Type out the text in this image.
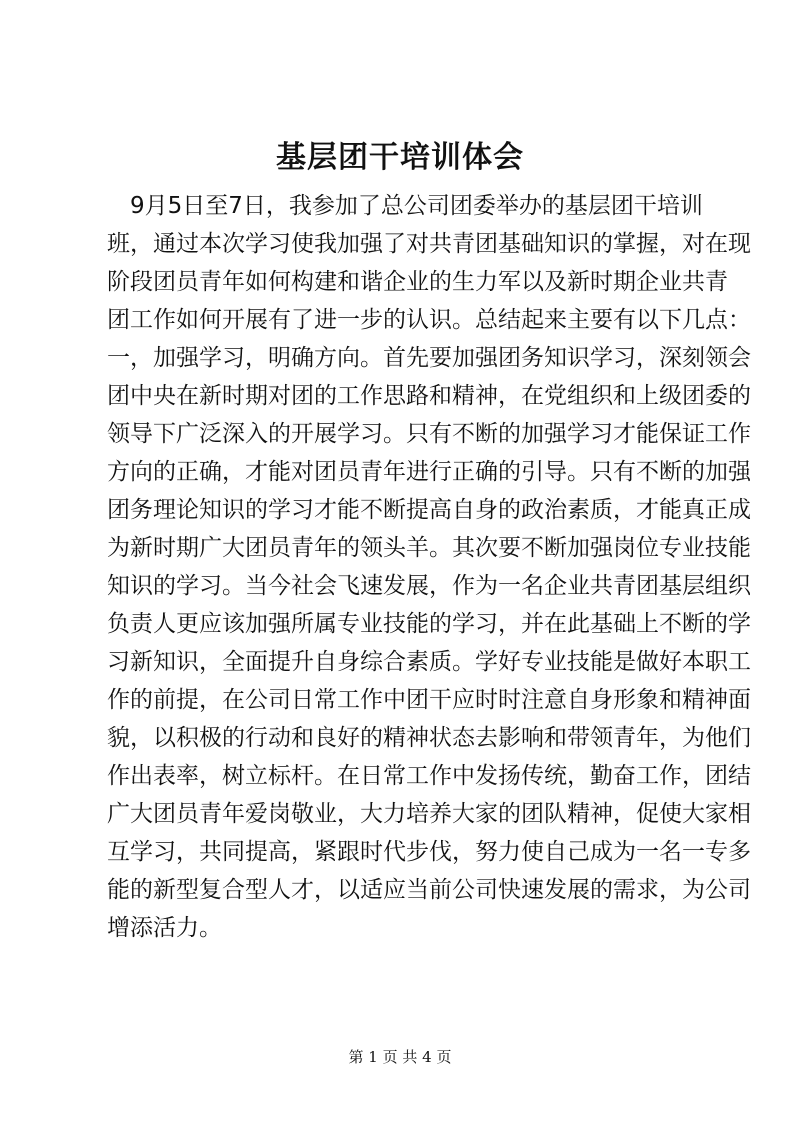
基层团干培训体会
　9月5日至7日，我参加了总公司团委举办的基层团干培训
班，通过本次学习使我加强了对共青团基础知识的掌握，对在现
阶段团员青年如何构建和谐企业的生力军以及新时期企业共青
团工作如何开展有了进一步的认识。总结起来主要有以下几点：
一，加强学习，明确方向。首先要加强团务知识学习，深刻领会
团中央在新时期对团的工作思路和精神，在党组织和上级团委的
领导下广泛深入的开展学习。只有不断的加强学习才能保证工作
方向的正确，才能对团员青年进行正确的引导。只有不断的加强
团务理论知识的学习才能不断提高自身的政治素质，才能真正成
为新时期广大团员青年的领头羊。其次要不断加强岗位专业技能
知识的学习。当今社会飞速发展，作为一名企业共青团基层组织
负责人更应该加强所属专业技能的学习，并在此基础上不断的学
习新知识，全面提升自身综合素质。学好专业技能是做好本职工
作的前提，在公司日常工作中团干应时时注意自身形象和精神面
貌，以积极的行动和良好的精神状态去影响和带领青年，为他们
作出表率，树立标杆。在日常工作中发扬传统，勤奋工作，团结
广大团员青年爱岗敬业，大力培养大家的团队精神，促使大家相
互学习，共同提高，紧跟时代步伐，努力使自己成为一名一专多
能的新型复合型人才，以适应当前公司快速发展的需求，为公司
增添活力。
第 1 页 共 4 页
